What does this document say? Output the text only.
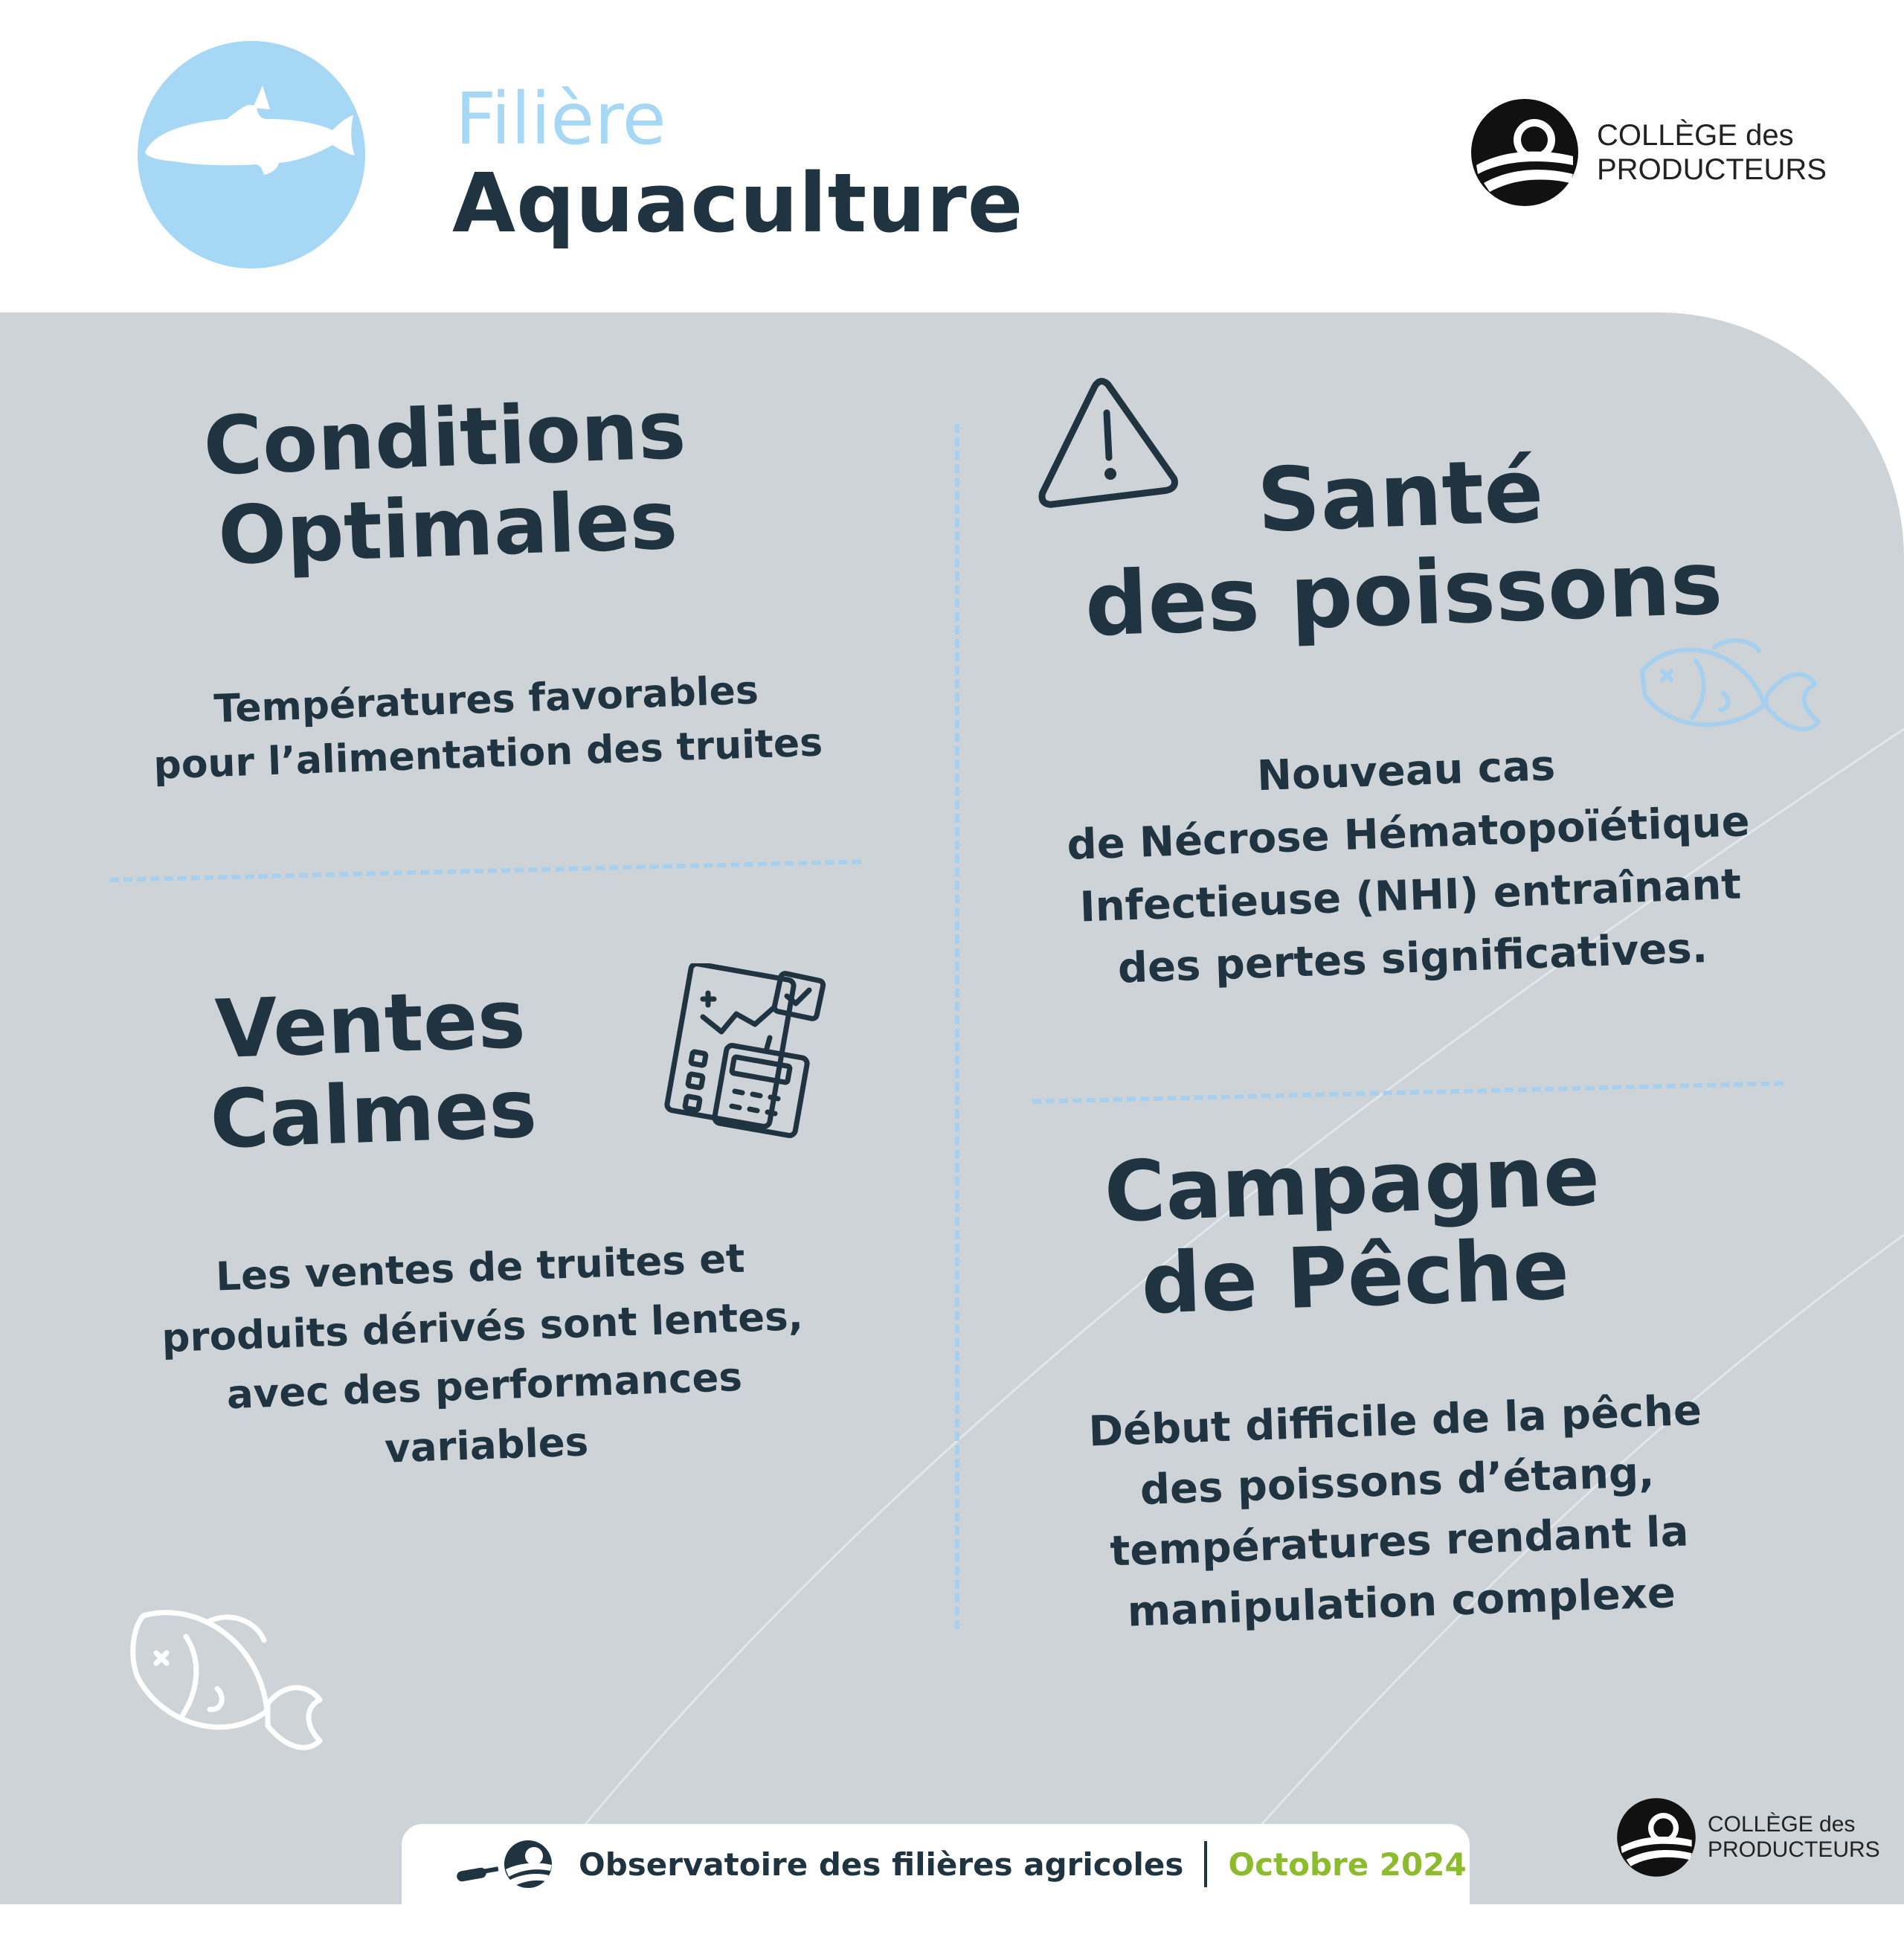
Filière
Aquaculture
COLLÈGE des
PRODUCTEURS
Conditions
Optimales
Températures favorables
pour l’alimentation des truites
Ventes
Calmes
Les ventes de truites et
produits dérivés sont lentes,
avec des performances
variables
Santé
des poissons
Nouveau cas
de Nécrose Hématopoïétique
Infectieuse (NHI) entraînant
des pertes significatives.
Campagne
de Pêche
Début difficile de la pêche
des poissons d’étang,
températures rendant la
manipulation complexe
Observatoire des filières agricoles Octobre 2024
COLLÈGE des
PRODUCTEURS
